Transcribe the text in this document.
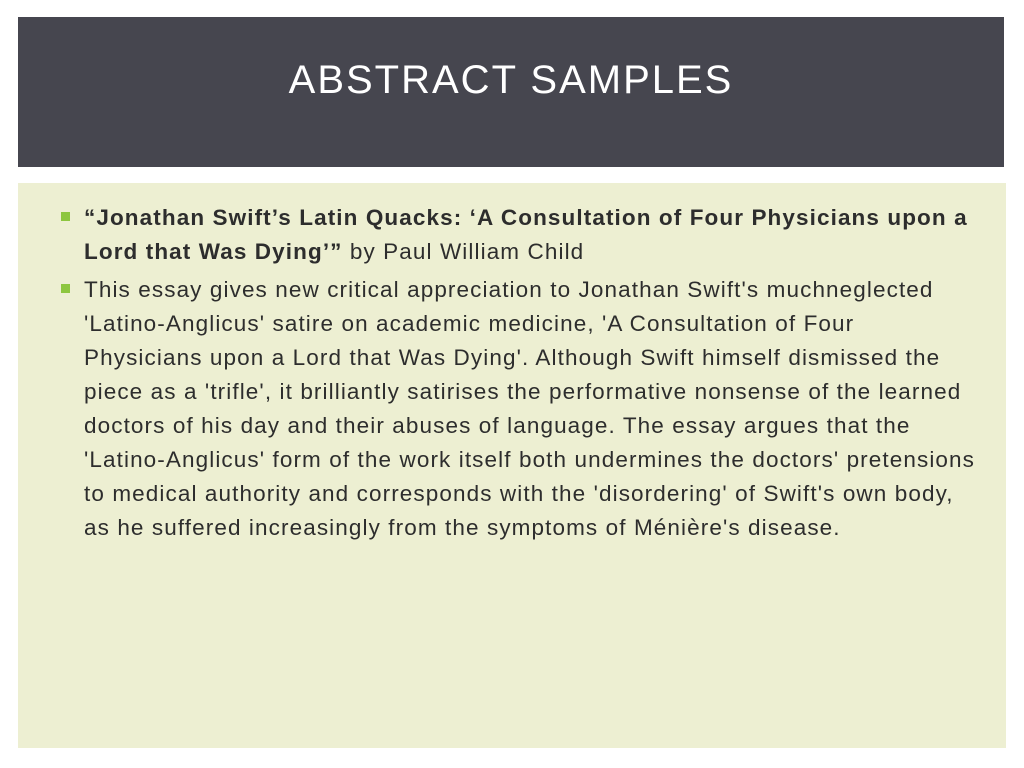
ABSTRACT SAMPLES
“Jonathan Swift’s Latin Quacks: ‘A Consultation of Four Physicians upon a Lord that Was Dying’” by Paul William Child
This essay gives new critical appreciation to Jonathan Swift's muchneglected 'Latino-Anglicus' satire on academic medicine, 'A Consultation of Four Physicians upon a Lord that Was Dying'. Although Swift himself dismissed the piece as a 'trifle', it brilliantly satirises the performative nonsense of the learned doctors of his day and their abuses of language. The essay argues that the 'Latino-Anglicus' form of the work itself both undermines the doctors' pretensions to medical authority and corresponds with the 'disordering' of Swift's own body, as he suffered increasingly from the symptoms of Ménière's disease.
